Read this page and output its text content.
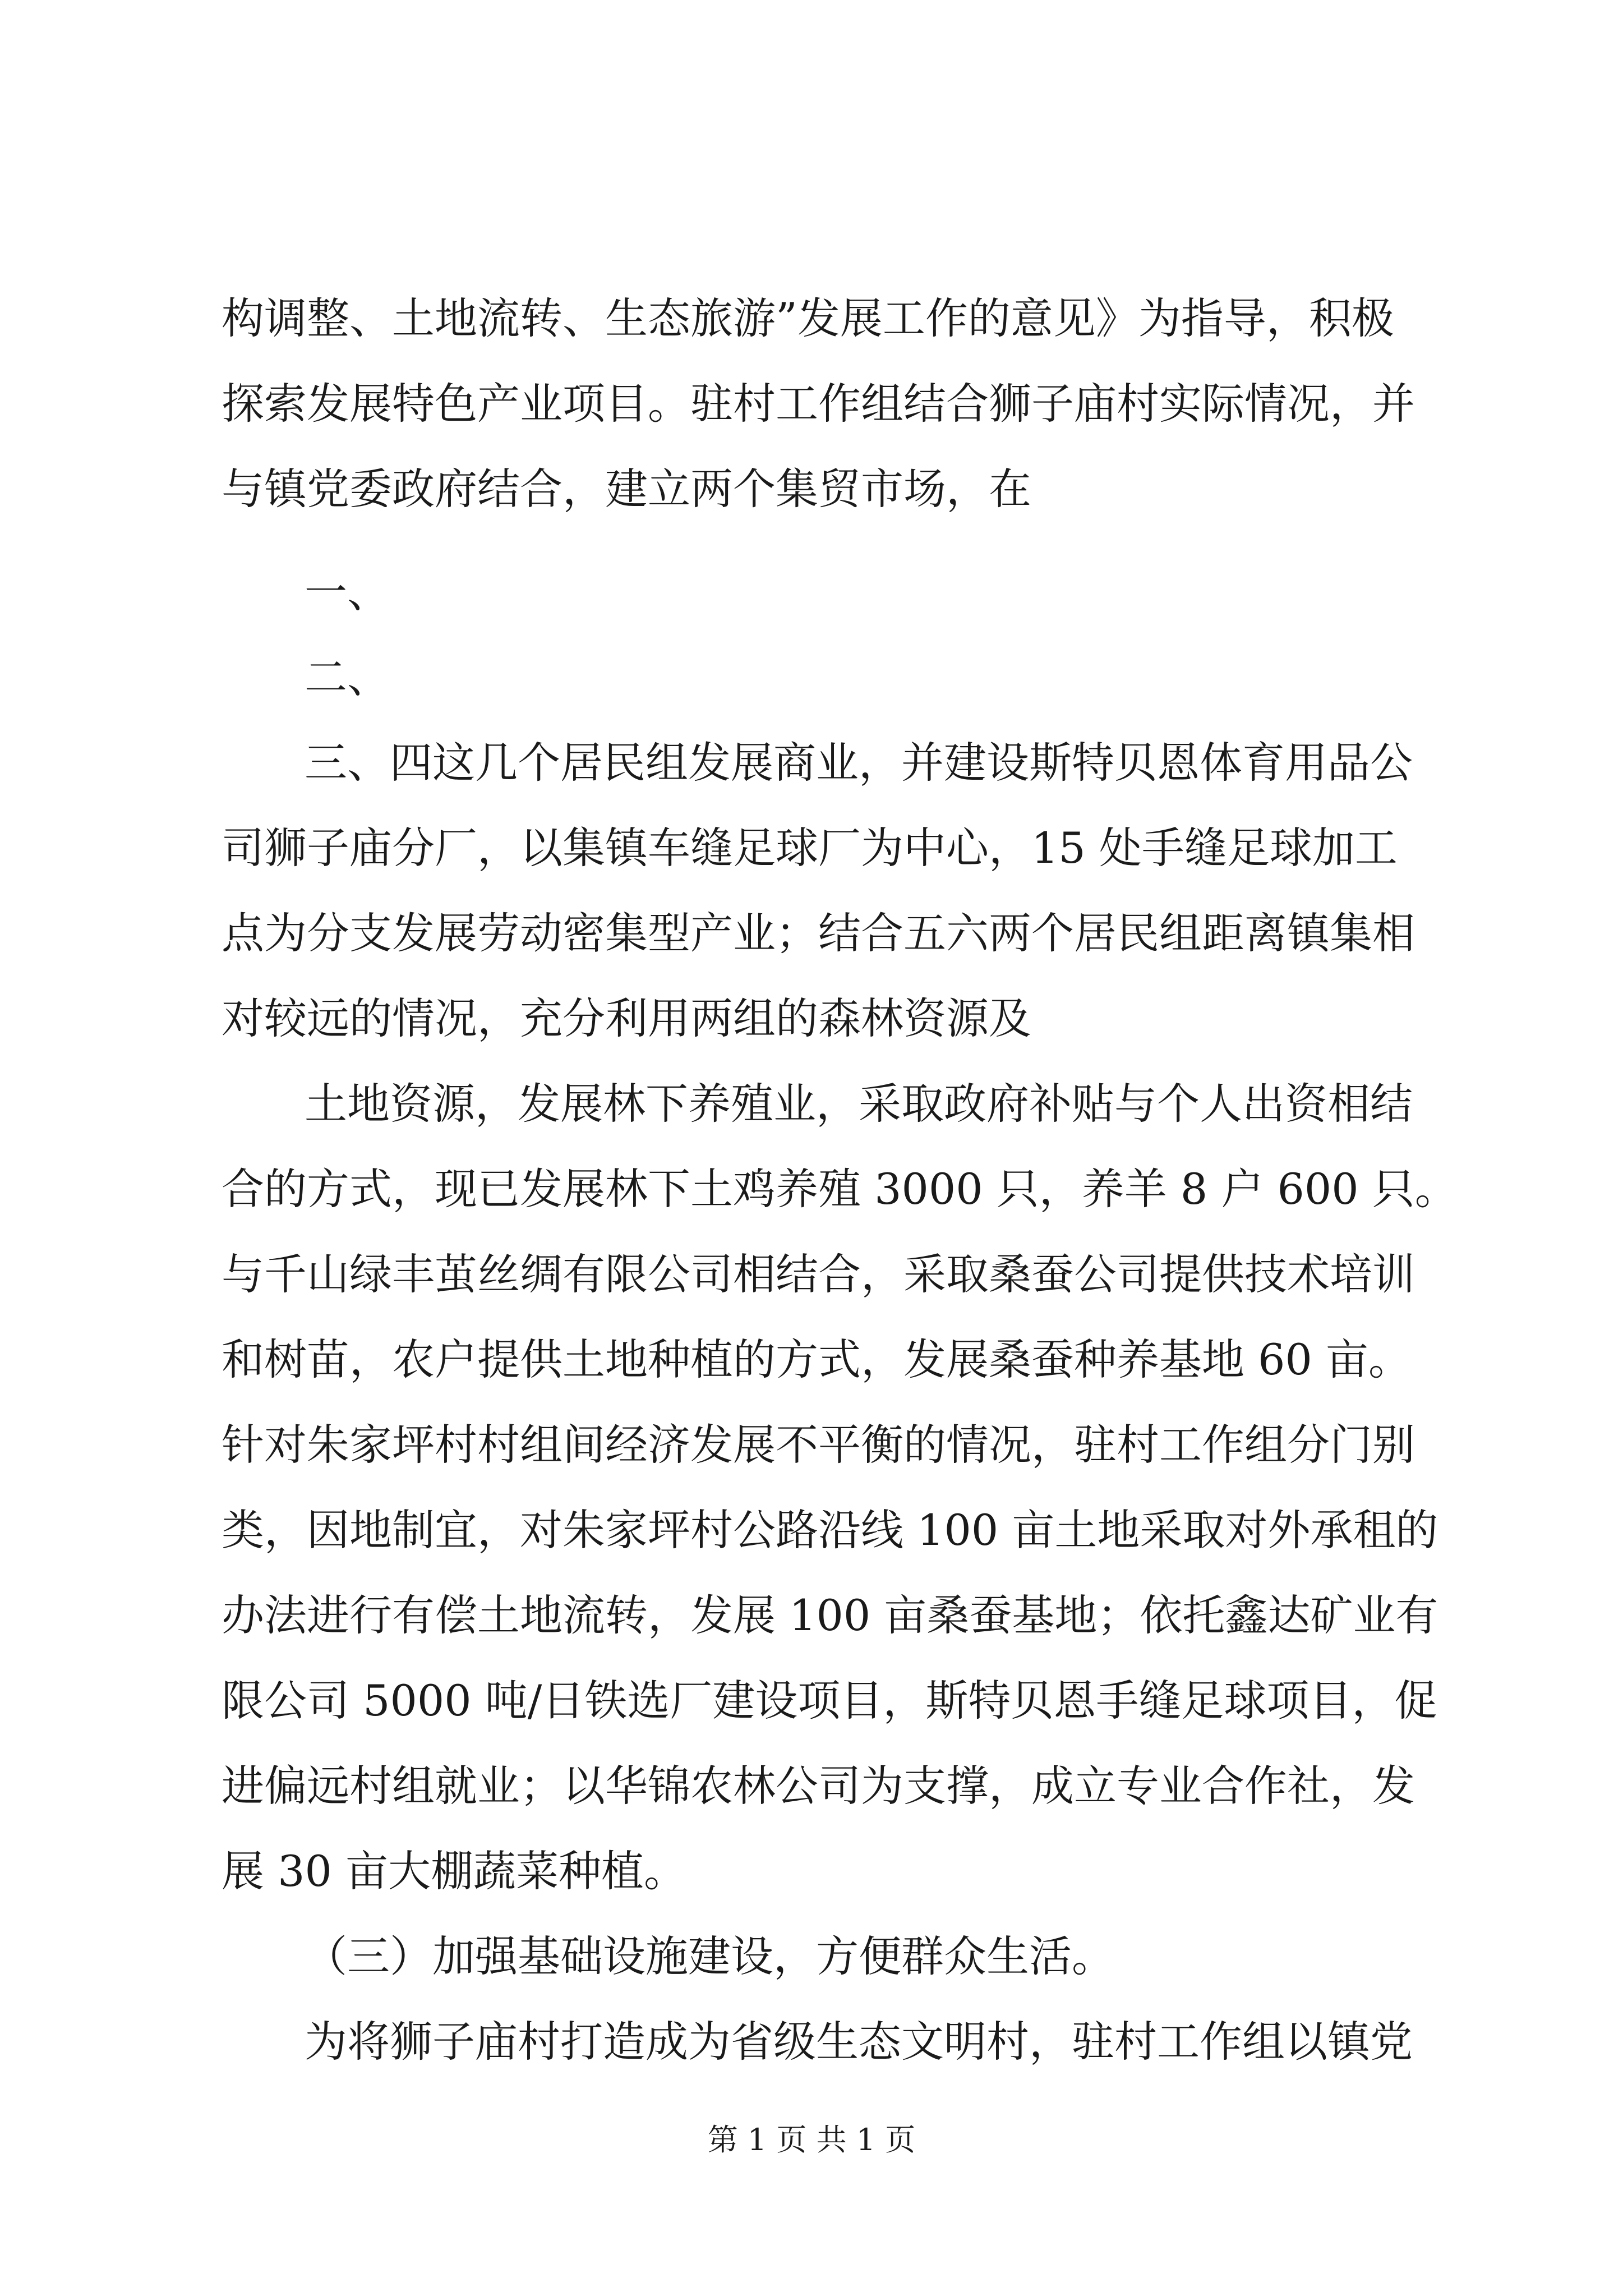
构调整、土地流转、生态旅游”发展工作的意见》为指导，积极
探索发展特色产业项目。驻村工作组结合狮子庙村实际情况，并
与镇党委政府结合，建立两个集贸市场，在
一、
二、
三、四这几个居民组发展商业，并建设斯特贝恩体育用品公
司狮子庙分厂，以集镇车缝足球厂为中心，15 处手缝足球加工
点为分支发展劳动密集型产业；结合五六两个居民组距离镇集相
对较远的情况，充分利用两组的森林资源及
土地资源，发展林下养殖业，采取政府补贴与个人出资相结
合的方式，现已发展林下土鸡养殖 3000 只，养羊 8 户 600 只。
与千山绿丰茧丝绸有限公司相结合，采取桑蚕公司提供技术培训
和树苗，农户提供土地种植的方式，发展桑蚕种养基地 60 亩。
针对朱家坪村村组间经济发展不平衡的情况，驻村工作组分门别
类，因地制宜，对朱家坪村公路沿线 100 亩土地采取对外承租的
办法进行有偿土地流转，发展 100 亩桑蚕基地；依托鑫达矿业有
限公司 5000 吨/日铁选厂建设项目，斯特贝恩手缝足球项目，促
进偏远村组就业；以华锦农林公司为支撑，成立专业合作社，发
展 30 亩大棚蔬菜种植。
（三）加强基础设施建设，方便群众生活。
为将狮子庙村打造成为省级生态文明村，驻村工作组以镇党
第 1 页 共 1 页
